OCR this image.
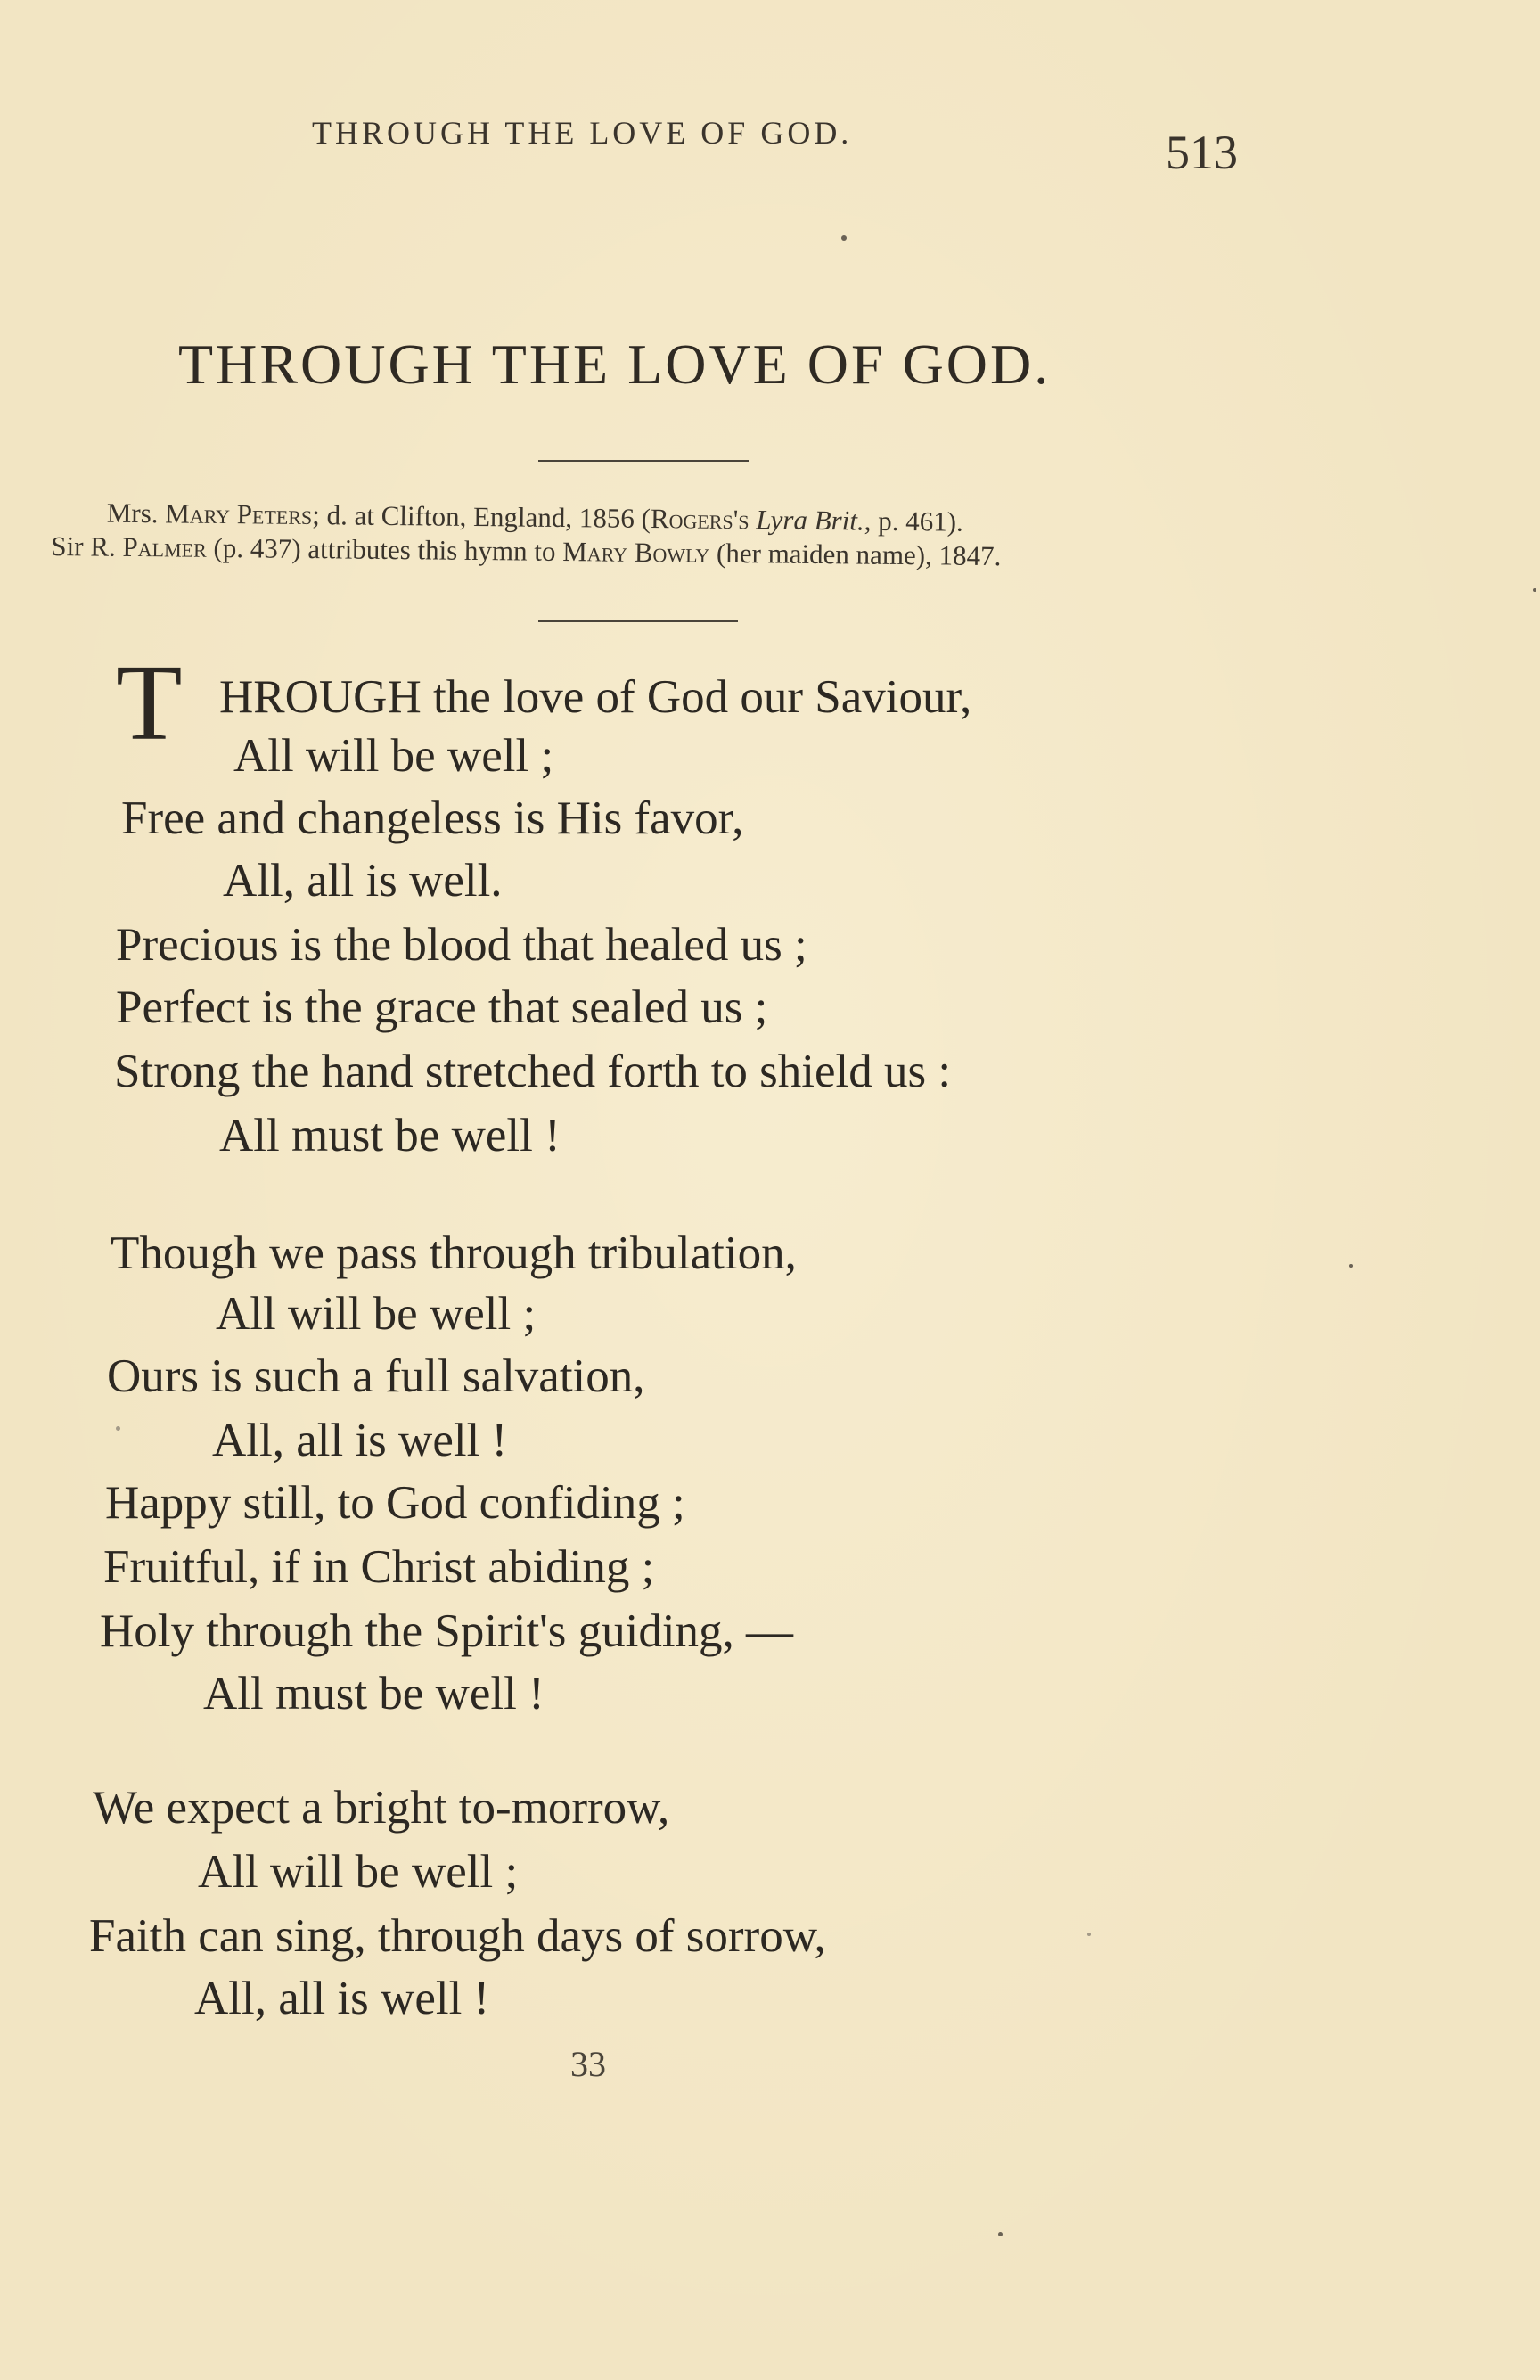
THROUGH THE LOVE OF GOD.	513
THROUGH THE LOVE OF GOD.
Mrs. Mary Peters; d. at Clifton, England, 1856 (Rogers's Lyra Brit., p. 461).
Sir R. Palmer (p. 437) attributes this hymn to Mary Bowly (her maiden name), 1847.
T HROUGH the love of God our Saviour,
All will be well ;
Free and changeless is His favor,
All, all is well.
Precious is the blood that healed us ;
Perfect is the grace that sealed us ;
Strong the hand stretched forth to shield us :
All must be well !
Though we pass through tribulation,
All will be well ;
Ours is such a full salvation,
All, all is well !
Happy still, to God confiding ;
Fruitful, if in Christ abiding ;
Holy through the Spirit's guiding, —
All must be well !
We expect a bright to-morrow,
All will be well ;
Faith can sing, through days of sorrow,
All, all is well !
33
